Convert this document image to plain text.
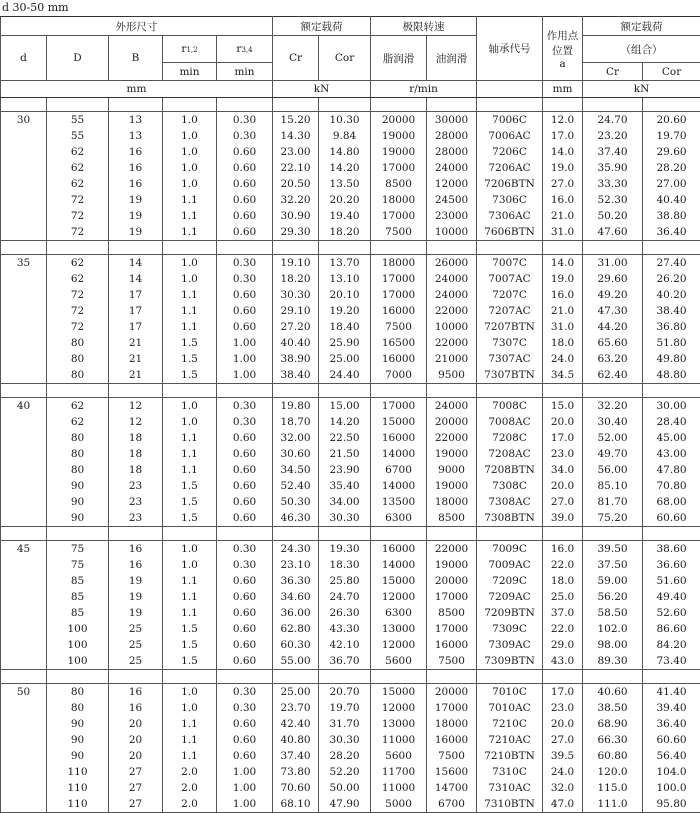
d 30-50 mm
外形尺寸					额定载荷		极限转速		轴承代号	作用点
位置
a	额定载荷	

d	D	B	r1,2	r3,4	Cr	Cor	脂润滑	油润滑			（组合）	
			min	min							Cr	Cor
mm					kN		r/min			mm	kN	

30	55	13	1.0	0.30	15.20	10.30	20000	30000	7006C	12.0	24.70	20.60
	55	13	1.0	0.30	14.30	9.84	19000	28000	7006AC	17.0	23.20	19.70
	62	16	1.0	0.60	23.00	14.80	19000	28000	7206C	14.0	37.40	29.60
	62	16	1.0	0.60	22.10	14.20	17000	24000	7206AC	19.0	35.90	28.20
	62	16	1.0	0.60	20.50	13.50	8500	12000	7206BTN	27.0	33.30	27.00
	72	19	1.1	0.60	32.20	20.20	18000	24500	7306C	16.0	52.30	40.40
	72	19	1.1	0.60	30.90	19.40	17000	23000	7306AC	21.0	50.20	38.80
	72	19	1.1	0.60	29.30	18.20	7500	10000	7606BTN	31.0	47.60	36.40

35	62	14	1.0	0.30	19.10	13.70	18000	26000	7007C	14.0	31.00	27.40
	62	14	1.0	0.30	18.20	13.10	17000	24000	7007AC	19.0	29.60	26.20
	72	17	1.1	0.60	30.30	20.10	17000	24000	7207C	16.0	49.20	40.20
	72	17	1.1	0.60	29.10	19.20	16000	22000	7207AC	21.0	47.30	38.40
	72	17	1.1	0.60	27.20	18.40	7500	10000	7207BTN	31.0	44.20	36.80
	80	21	1.5	1.00	40.40	25.90	16500	22000	7307C	18.0	65.60	51.80
	80	21	1.5	1.00	38.90	25.00	16000	21000	7307AC	24.0	63.20	49.80
	80	21	1.5	1.00	38.40	24.40	7000	9500	7307BTN	34.5	62.40	48.80

40	62	12	1.0	0.30	19.80	15.00	17000	24000	7008C	15.0	32.20	30.00
	62	12	1.0	0.30	18.70	14.20	15000	20000	7008AC	20.0	30.40	28.40
	80	18	1.1	0.60	32.00	22.50	16000	22000	7208C	17.0	52.00	45.00
	80	18	1.1	0.60	30.60	21.50	14000	19000	7208AC	23.0	49.70	43.00
	80	18	1.1	0.60	34.50	23.90	6700	9000	7208BTN	34.0	56.00	47.80
	90	23	1.5	0.60	52.40	35.40	14000	19000	7308C	20.0	85.10	70.80
	90	23	1.5	0.60	50.30	34.00	13500	18000	7308AC	27.0	81.70	68.00
	90	23	1.5	0.60	46.30	30.30	6300	8500	7308BTN	39.0	75.20	60.60

45	75	16	1.0	0.30	24.30	19.30	16000	22000	7009C	16.0	39.50	38.60
	75	16	1.0	0.30	23.10	18.30	14000	19000	7009AC	22.0	37.50	36.60
	85	19	1.1	0.60	36.30	25.80	15000	20000	7209C	18.0	59.00	51.60
	85	19	1.1	0.60	34.60	24.70	12000	17000	7209AC	25.0	56.20	49.40
	85	19	1.1	0.60	36.00	26.30	6300	8500	7209BTN	37.0	58.50	52.60
	100	25	1.5	0.60	62.80	43.30	13000	17000	7309C	22.0	102.0	86.60
	100	25	1.5	0.60	60.30	42.10	12000	16000	7309AC	29.0	98.00	84.20
	100	25	1.5	0.60	55.00	36.70	5600	7500	7309BTN	43.0	89.30	73.40

50	80	16	1.0	0.30	25.00	20.70	15000	20000	7010C	17.0	40.60	41.40
	80	16	1.0	0.30	23.70	19.70	12000	17000	7010AC	23.0	38.50	39.40
	90	20	1.1	0.60	42.40	31.70	13000	18000	7210C	20.0	68.90	36.40
	90	20	1.1	0.60	40.80	30.30	11000	16000	7210AC	27.0	66.30	60.60
	90	20	1.1	0.60	37.40	28.20	5600	7500	7210BTN	39.5	60.80	56.40
	110	27	2.0	1.00	73.80	52.20	11700	15600	7310C	24.0	120.0	104.0
	110	27	2.0	1.00	70.60	50.00	11000	14700	7310AC	32.0	115.0	100.0
	110	27	2.0	1.00	68.10	47.90	5000	6700	7310BTN	47.0	111.0	95.80
